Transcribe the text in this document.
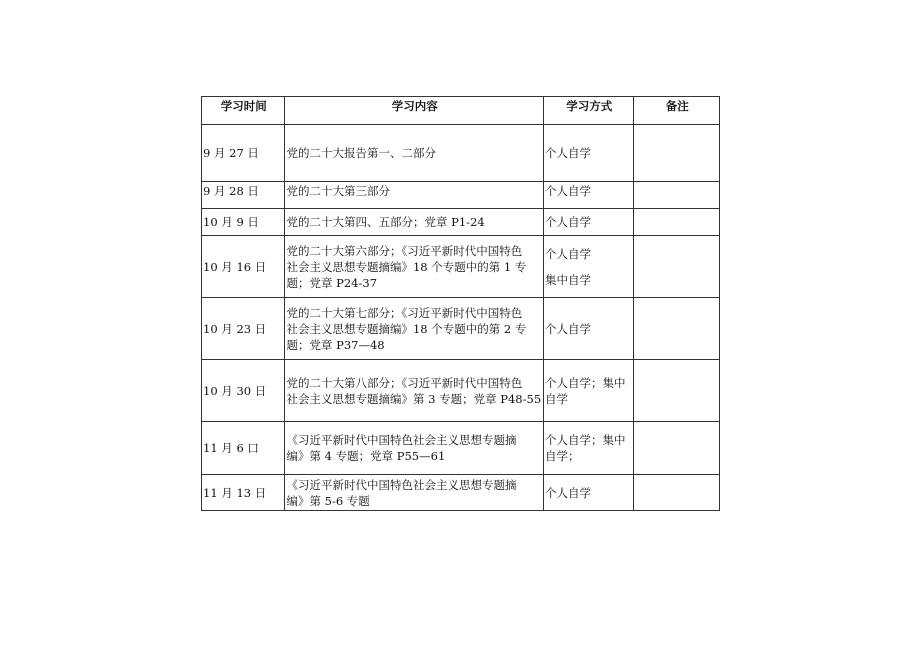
学习时间	学习内容	学习方式	备注
9 月 27 日	党的二十大报告第一、二部分	个人自学	

9 月 28 日	党的二十大第三部分	个人自学	

10 月 9 日	党的二十大第四、五部分；党章 P1-24	个人自学	

10 月 16 日	党的二十大第六部分；《习近平新时代中国特色
社会主义思想专题摘编》18 个专题中的第 1 专题；党章 P24-37	个人自学
集中自学	

10 月 23 日	党的二十大第七部分；《习近平新时代中国特色
社会主义思想专题摘编》18 个专题中的第 2 专题；党章 P37—48	个人自学	

10 月 30 日	党的二十大第八部分；《习近平新时代中国特色
社会主义思想专题摘编》第 3 专题；党章 P48-55	个人自学；集中
自学	

11 月 6 口	《习近平新时代中国特色社会主义思想专题摘
编》第 4 专题；党章 P55—61	个人自学；集中
自学；	

11 月 13 日	《习近平新时代中国特色社会主义思想专题摘
编》第 5-6 专题	个人自学	
